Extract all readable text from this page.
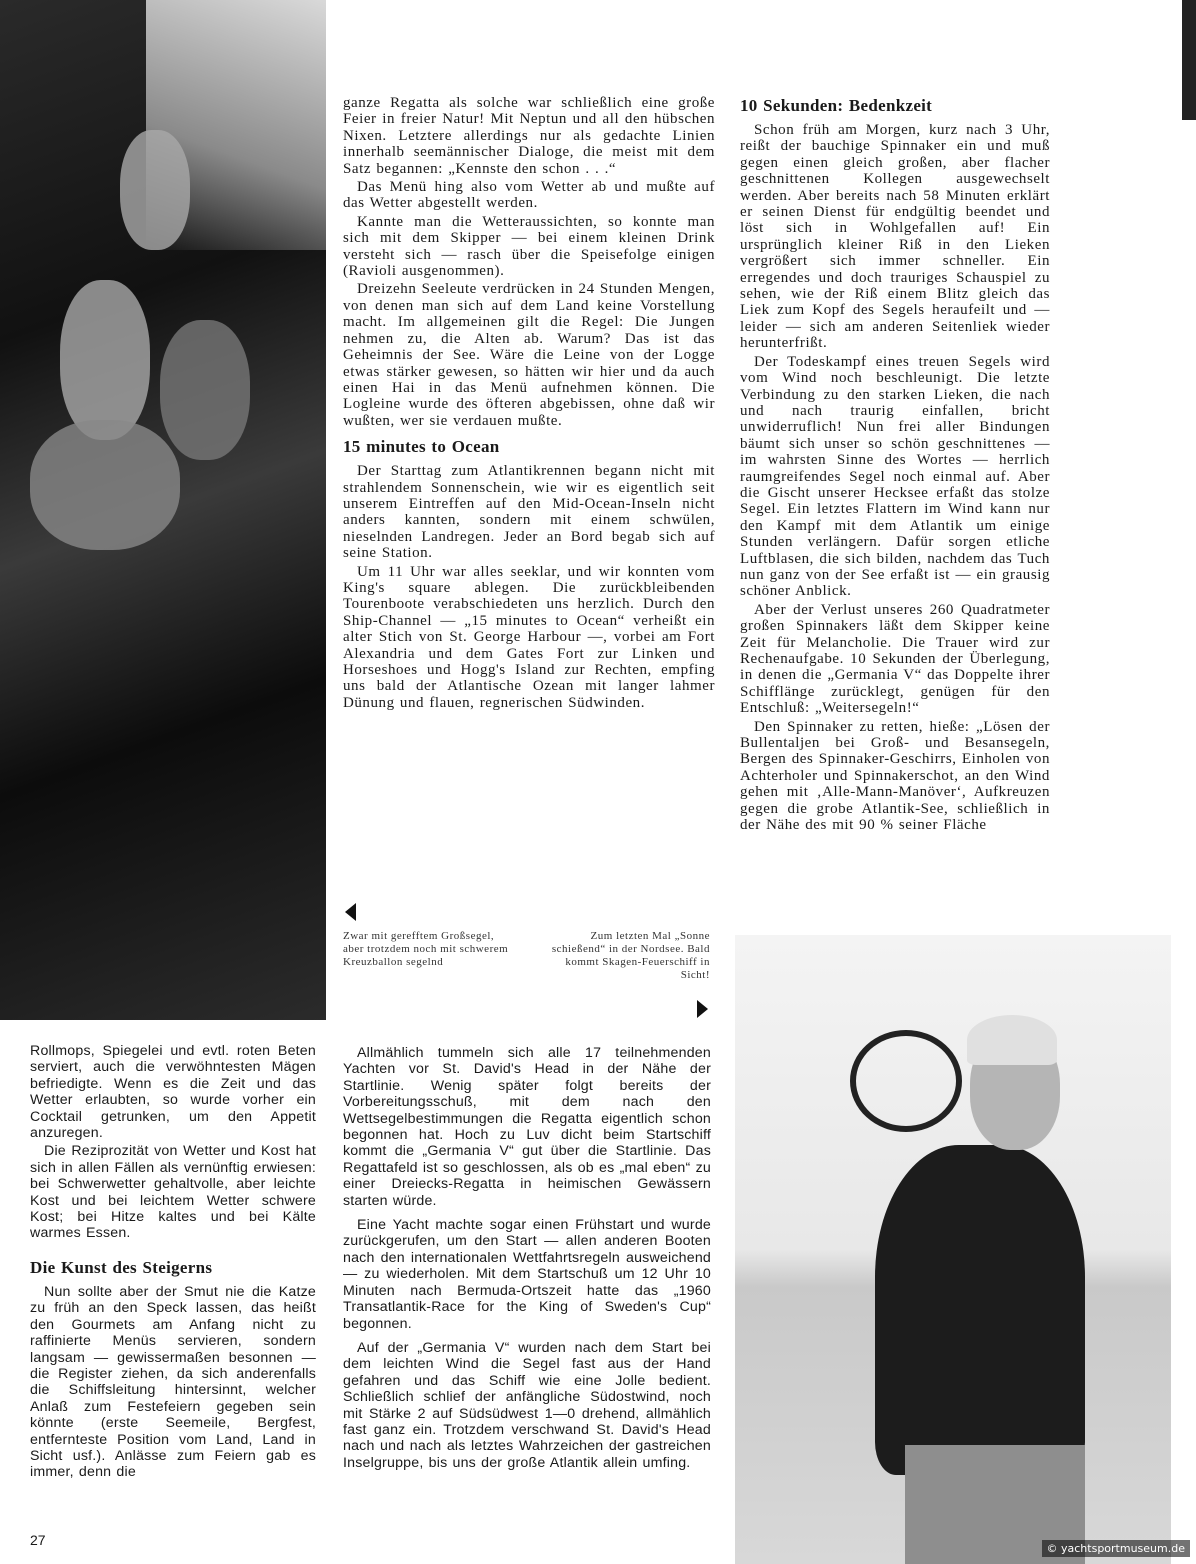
ganze Regatta als solche war schließlich eine große Feier in freier Natur! Mit Neptun und all den hübschen Nixen. Letztere allerdings nur als gedachte Linien innerhalb seemännischer Dialoge, die meist mit dem Satz begannen: „Kennste den schon . . .“

Das Menü hing also vom Wetter ab und mußte auf das Wetter abgestellt werden.

Kannte man die Wetteraussichten, so konnte man sich mit dem Skipper — bei einem kleinen Drink versteht sich — rasch über die Speisefolge einigen (Ravioli ausgenommen).

Dreizehn Seeleute verdrücken in 24 Stunden Mengen, von denen man sich auf dem Land keine Vorstellung macht. Im allgemeinen gilt die Regel: Die Jungen nehmen zu, die Alten ab. Warum? Das ist das Geheimnis der See. Wäre die Leine von der Logge etwas stärker gewesen, so hätten wir hier und da auch einen Hai in das Menü aufnehmen können. Die Logleine wurde des öfteren abgebissen, ohne daß wir wußten, wer sie verdauen mußte.

15 minutes to Ocean

Der Starttag zum Atlantikrennen begann nicht mit strahlendem Sonnenschein, wie wir es eigentlich seit unserem Eintreffen auf den Mid-Ocean-Inseln nicht anders kannten, sondern mit einem schwülen, nieselnden Landregen. Jeder an Bord begab sich auf seine Station.

Um 11 Uhr war alles seeklar, und wir konnten vom King's square ablegen. Die zurückbleibenden Tourenboote verabschiedeten uns herzlich. Durch den Ship-Channel — „15 minutes to Ocean“ verheißt ein alter Stich von St. George Harbour —, vorbei am Fort Alexandria und dem Gates Fort zur Linken und Horseshoes und Hogg's Island zur Rechten, empfing uns bald der Atlantische Ozean mit langer lahmer Dünung und flauen, regnerischen Südwinden.

10 Sekunden: Bedenkzeit

Schon früh am Morgen, kurz nach 3 Uhr, reißt der bauchige Spinnaker ein und muß gegen einen gleich großen, aber flacher geschnittenen Kollegen ausgewechselt werden. Aber bereits nach 58 Minuten erklärt er seinen Dienst für endgültig beendet und löst sich in Wohlgefallen auf! Ein ursprünglich kleiner Riß in den Lieken vergrößert sich immer schneller. Ein erregendes und doch trauriges Schauspiel zu sehen, wie der Riß einem Blitz gleich das Liek zum Kopf des Segels heraufeilt und — leider — sich am anderen Seitenliek wieder herunterfrißt.

Der Todeskampf eines treuen Segels wird vom Wind noch beschleunigt. Die letzte Verbindung zu den starken Lieken, die nach und nach traurig einfallen, bricht unwiderruflich! Nun frei aller Bindungen bäumt sich unser so schön geschnittenes — im wahrsten Sinne des Wortes — herrlich raumgreifendes Segel noch einmal auf. Aber die Gischt unserer Hecksee erfaßt das stolze Segel. Ein letztes Flattern im Wind kann nur den Kampf mit dem Atlantik um einige Stunden verlängern. Dafür sorgen etliche Luftblasen, die sich bilden, nachdem das Tuch nun ganz von der See erfaßt ist — ein grausig schöner Anblick.

Aber der Verlust unseres 260 Quadratmeter großen Spinnakers läßt dem Skipper keine Zeit für Melancholie. Die Trauer wird zur Rechenaufgabe. 10 Sekunden der Überlegung, in denen die „Germania V“ das Doppelte ihrer Schifflänge zurücklegt, genügen für den Entschluß: „Weitersegeln!“

Den Spinnaker zu retten, hieße: „Lösen der Bullentaljen bei Groß- und Besansegeln, Bergen des Spinnaker-Geschirrs, Einholen von Achterholer und Spinnakerschot, an den Wind gehen mit ‚Alle-Mann-Manöver‘, Aufkreuzen gegen die grobe Atlantik-See, schließlich in der Nähe des mit 90 % seiner Fläche

Zwar mit gerefftem Großsegel, aber trotzdem noch mit schwerem Kreuzballon segelnd
Zum letzten Mal „Sonne schießend“ in der Nordsee. Bald kommt Skagen-Feuerschiff in Sicht!

Rollmops, Spiegelei und evtl. roten Beten serviert, auch die verwöhntesten Mägen befriedigte. Wenn es die Zeit und das Wetter erlaubten, so wurde vorher ein Cocktail getrunken, um den Appetit anzuregen.

Die Reziprozität von Wetter und Kost hat sich in allen Fällen als vernünftig erwiesen: bei Schwerwetter gehaltvolle, aber leichte Kost und bei leichtem Wetter schwere Kost; bei Hitze kaltes und bei Kälte warmes Essen.

Die Kunst des Steigerns

Nun sollte aber der Smut nie die Katze zu früh an den Speck lassen, das heißt den Gourmets am Anfang nicht zu raffinierte Menüs servieren, sondern langsam — gewissermaßen besonnen — die Register ziehen, da sich anderenfalls die Schiffsleitung hintersinnt, welcher Anlaß zum Festefeiern gegeben sein könnte (erste Seemeile, Bergfest, entfernteste Position vom Land, Land in Sicht usf.). Anlässe zum Feiern gab es immer, denn die

Allmählich tummeln sich alle 17 teilnehmenden Yachten vor St. David's Head in der Nähe der Startlinie. Wenig später folgt bereits der Vorbereitungsschuß, mit dem nach den Wettsegelbestimmungen die Regatta eigentlich schon begonnen hat. Hoch zu Luv dicht beim Startschiff kommt die „Germania V“ gut über die Startlinie. Das Regattafeld ist so geschlossen, als ob es „mal eben“ zu einer Dreiecks-Regatta in heimischen Gewässern starten würde.

Eine Yacht machte sogar einen Frühstart und wurde zurückgerufen, um den Start — allen anderen Booten nach den internationalen Wettfahrtsregeln ausweichend — zu wiederholen. Mit dem Startschuß um 12 Uhr 10 Minuten nach Bermuda-Ortszeit hatte das „1960 Transatlantik-Race for the King of Sweden's Cup“ begonnen.

Auf der „Germania V“ wurden nach dem Start bei dem leichten Wind die Segel fast aus der Hand gefahren und das Schiff wie eine Jolle bedient. Schließlich schlief der anfängliche Südostwind, noch mit Stärke 2 auf Südsüdwest 1—0 drehend, allmählich fast ganz ein. Trotzdem verschwand St. David's Head nach und nach als letztes Wahrzeichen der gastreichen Inselgruppe, bis uns der große Atlantik allein umfing.

27
© yachtsportmuseum.de
